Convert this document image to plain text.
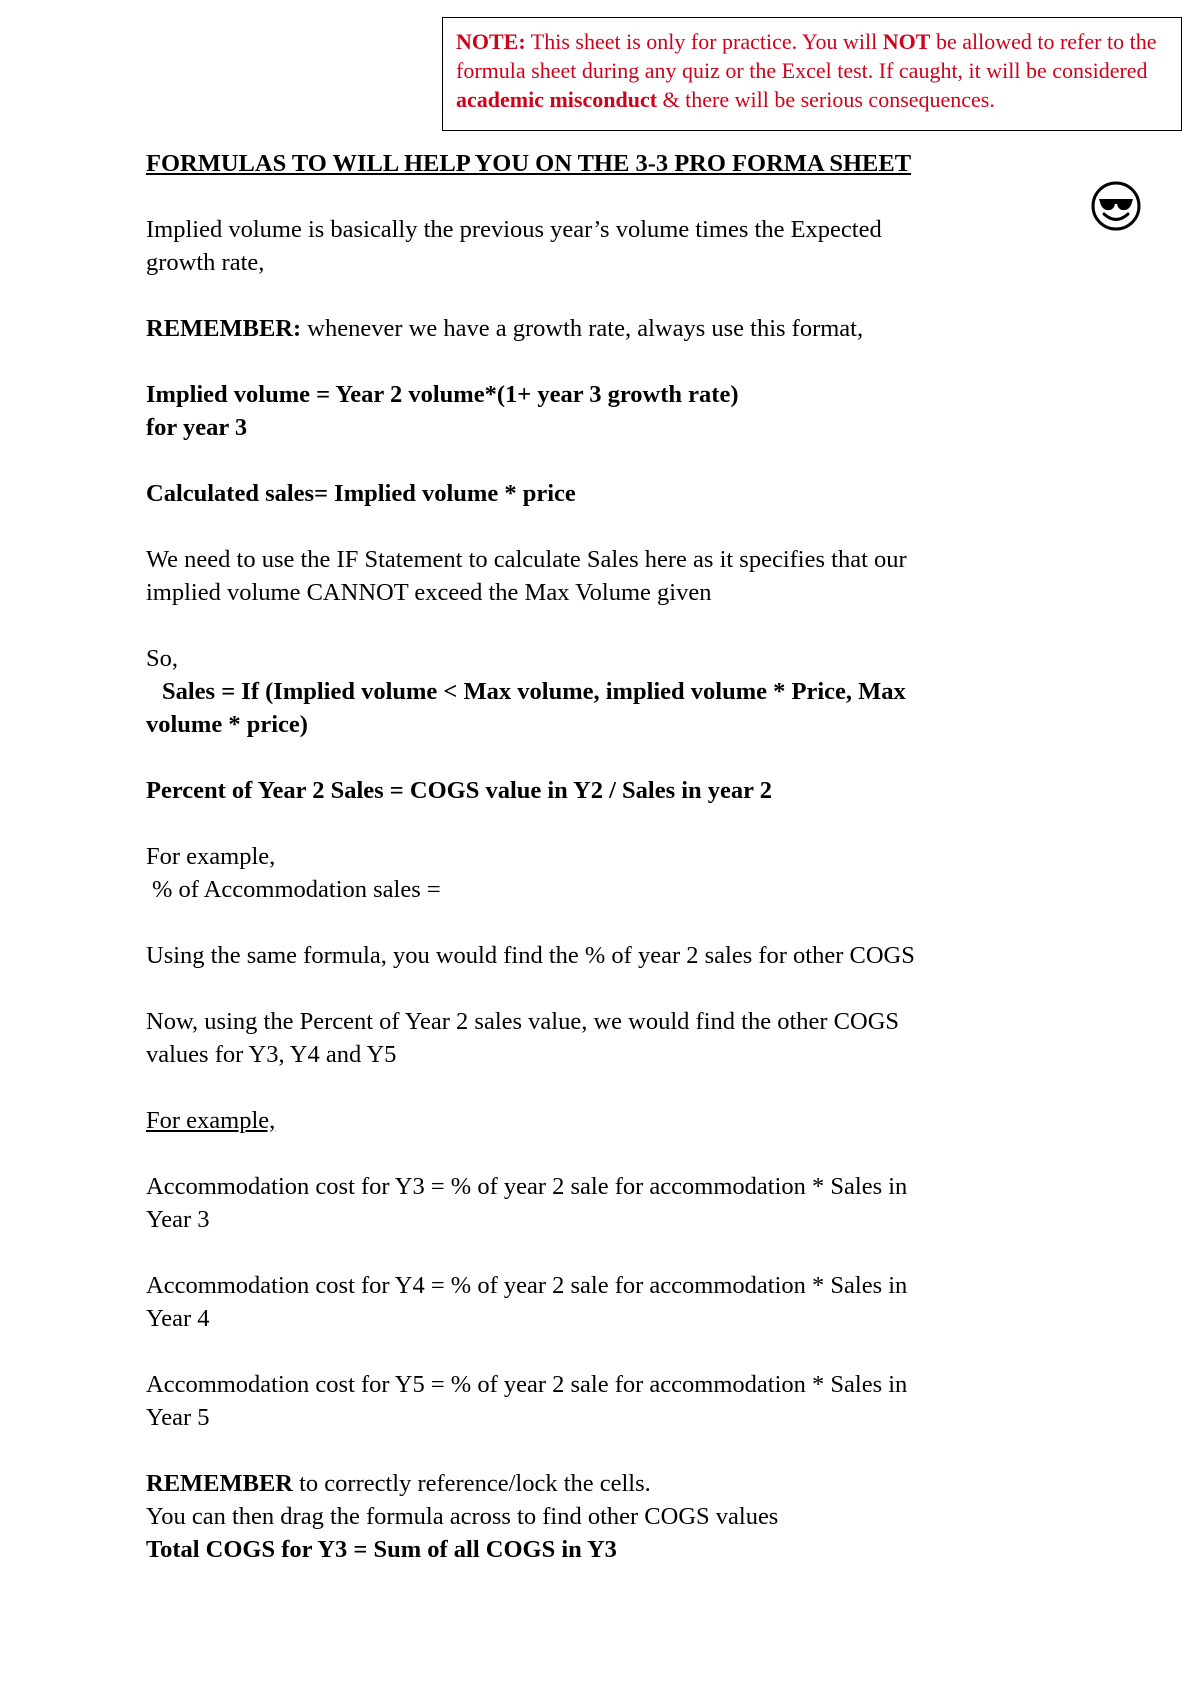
NOTE: This sheet is only for practice. You will NOT be allowed to refer to the formula sheet during any quiz or the Excel test. If caught, it will be considered academic misconduct & there will be serious consequences.

FORMULAS TO WILL HELP YOU ON THE 3-3 PRO FORMA SHEET

Implied volume is basically the previous year’s volume times the Expected

growth rate,

REMEMBER: whenever we have a growth rate, always use this format,

Implied volume = Year 2 volume*(1+ year 3 growth rate)

for year 3

Calculated sales= Implied volume * price

We need to use the IF Statement to calculate Sales here as it specifies that our

implied volume CANNOT exceed the Max Volume given

So,

Sales = If (Implied volume < Max volume, implied volume * Price, Max

volume * price)

Percent of Year 2 Sales = COGS value in Y2 / Sales in year 2

For example,

% of Accommodation sales =

Using the same formula, you would find the % of year 2 sales for other COGS

Now, using the Percent of Year 2 sales value, we would find the other COGS

values for Y3, Y4 and Y5

For example,

Accommodation cost for Y3 = % of year 2 sale for accommodation * Sales in

Year 3

Accommodation cost for Y4 = % of year 2 sale for accommodation * Sales in

Year 4

Accommodation cost for Y5 = % of year 2 sale for accommodation * Sales in

Year 5

REMEMBER to correctly reference/lock the cells.

You can then drag the formula across to find other COGS values

Total COGS for Y3 = Sum of all COGS in Y3
